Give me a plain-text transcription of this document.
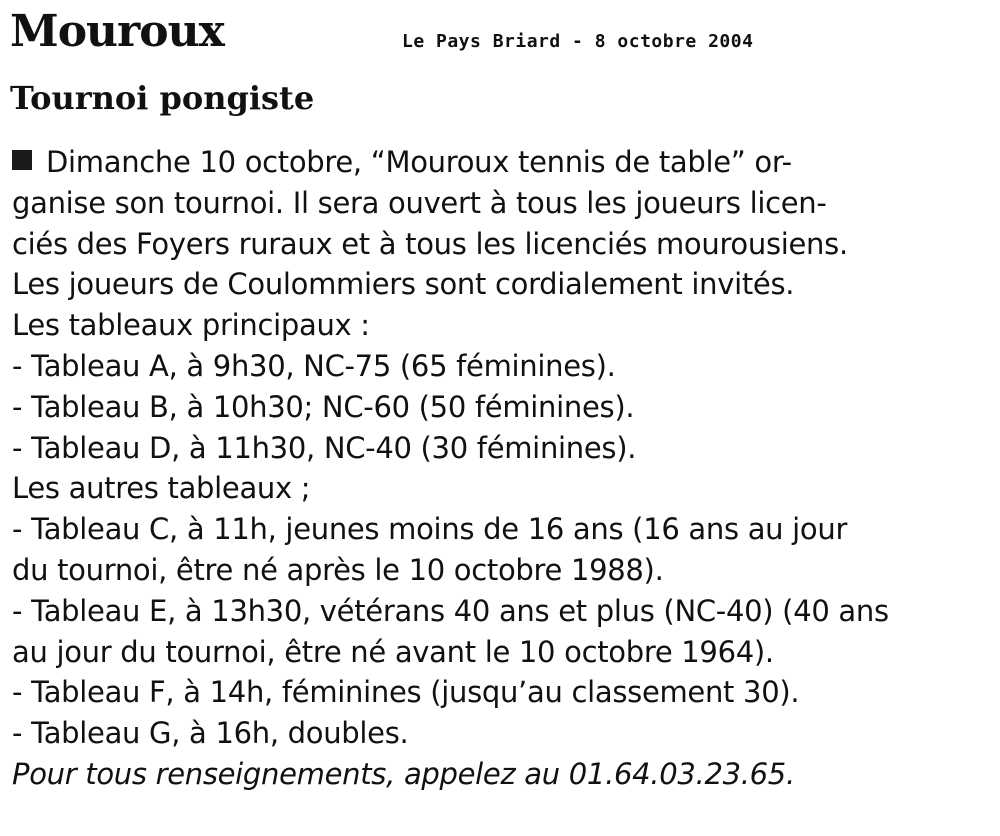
Mouroux	Le Pays Briard - 8 octobre 2004
Tournoi pongiste
Dimanche 10 octobre, “Mouroux tennis de table” or-
ganise son tournoi. Il sera ouvert à tous les joueurs licen-
ciés des Foyers ruraux et à tous les licenciés mourousiens.
Les joueurs de Coulommiers sont cordialement invités.
Les tableaux principaux :
- Tableau A, à 9h30, NC-75 (65 féminines).
- Tableau B, à 10h30; NC-60 (50 féminines).
- Tableau D, à 11h30, NC-40 (30 féminines).
Les autres tableaux ;
- Tableau C, à 11h, jeunes moins de 16 ans (16 ans au jour
du tournoi, être né après le 10 octobre 1988).
- Tableau E, à 13h30, vétérans 40 ans et plus (NC-40) (40 ans
au jour du tournoi, être né avant le 10 octobre 1964).
- Tableau F, à 14h, féminines (jusqu’au classement 30).
- Tableau G, à 16h, doubles.
Pour tous renseignements, appelez au 01.64.03.23.65.
